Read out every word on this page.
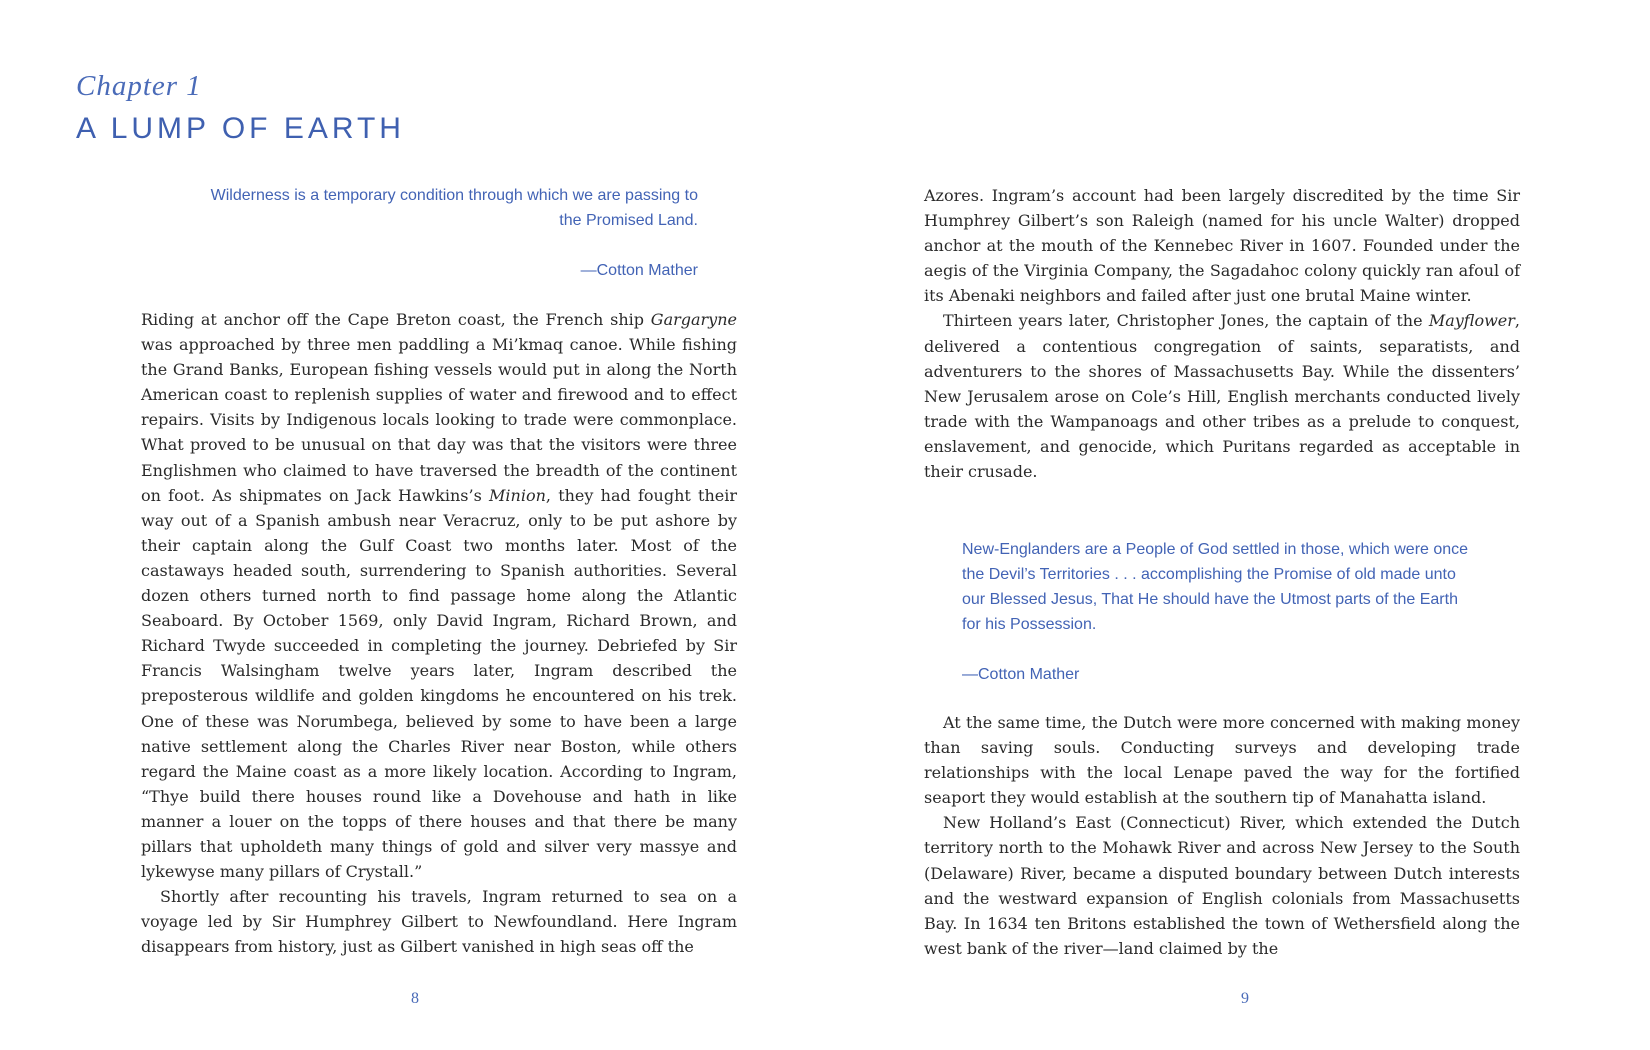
Chapter 1
A LUMP OF EARTH

Wilderness is a temporary condition through which we are passing to the Promised Land.

—Cotton Mather

Riding at anchor off the Cape Breton coast, the French ship Gargaryne was approached by three men paddling a Mi’kmaq canoe. While fishing the Grand Banks, European fishing vessels would put in along the North American coast to replenish supplies of water and firewood and to effect repairs. Visits by Indigenous locals looking to trade were commonplace. What proved to be unusual on that day was that the visitors were three Englishmen who claimed to have traversed the breadth of the continent on foot. As shipmates on Jack Hawkins’s Minion, they had fought their way out of a Spanish ambush near Veracruz, only to be put ashore by their captain along the Gulf Coast two months later. Most of the castaways headed south, surrendering to Spanish authorities. Several dozen others turned north to find passage home along the Atlantic Seaboard. By October 1569, only David Ingram, Richard Brown, and Richard Twyde succeeded in completing the journey. Debriefed by Sir Francis Walsingham twelve years later, Ingram described the preposterous wildlife and golden kingdoms he encountered on his trek. One of these was Norumbega, believed by some to have been a large native settlement along the Charles River near Boston, while others regard the Maine coast as a more likely location. According to Ingram, “Thye build there houses round like a Dovehouse and hath in like manner a louer on the topps of there houses and that there be many pillars that upholdeth many things of gold and silver very massye and lykewyse many pillars of Crystall.”

Shortly after recounting his travels, Ingram returned to sea on a voyage led by Sir Humphrey Gilbert to Newfoundland. Here Ingram disappears from history, just as Gilbert vanished in high seas off the

Azores. Ingram’s account had been largely discredited by the time Sir Humphrey Gilbert’s son Raleigh (named for his uncle Walter) dropped anchor at the mouth of the Kennebec River in 1607. Founded under the aegis of the Virginia Company, the Sagadahoc colony quickly ran afoul of its Abenaki neighbors and failed after just one brutal Maine winter.

Thirteen years later, Christopher Jones, the captain of the Mayflower, delivered a contentious congregation of saints, separatists, and adventurers to the shores of Massachusetts Bay. While the dissenters’ New Jerusalem arose on Cole’s Hill, English merchants conducted lively trade with the Wampanoags and other tribes as a prelude to conquest, enslavement, and genocide, which Puritans regarded as acceptable in their crusade.

New-Englanders are a People of God settled in those, which were once the Devil’s Territories . . . accomplishing the Promise of old made unto our Blessed Jesus, That He should have the Utmost parts of the Earth for his Possession.

—Cotton Mather

At the same time, the Dutch were more concerned with making money than saving souls. Conducting surveys and developing trade relationships with the local Lenape paved the way for the fortified seaport they would establish at the southern tip of Manahatta island.

New Holland’s East (Connecticut) River, which extended the Dutch territory north to the Mohawk River and across New Jersey to the South (Delaware) River, became a disputed boundary between Dutch interests and the westward expansion of English colonials from Massachusetts Bay. In 1634 ten Britons established the town of Wethersfield along the west bank of the river—land claimed by the

8	9
